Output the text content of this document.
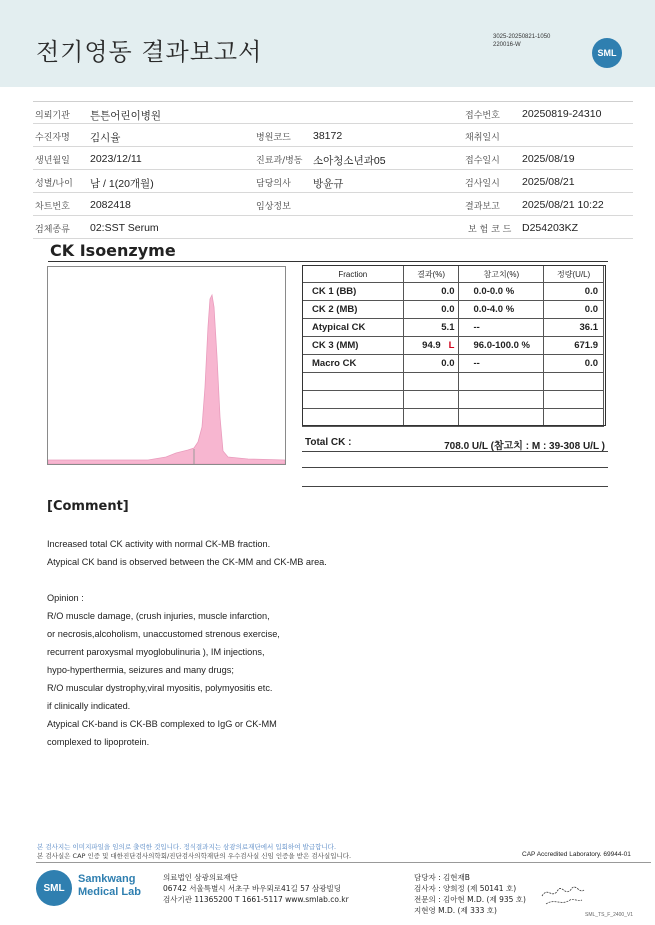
전기영동 결과보고서
3025-20250821-1050
220016-W
SML
의뢰기관 튼튼어린이병원	접수번호 20250819-24310
수진자명 김시율	병원코드 38172	채취일시
생년월일 2023/12/11	진료과/병동 소아청소년과05	접수일시 2025/08/19
성별/나이 남 / 1(20개월)	담당의사 방윤규	검사일시 2025/08/21
차트번호 2082418	임상정보	결과보고 2025/08/21 10:22
검체종류 02:SST Serum	보 험 코 드 D254203KZ
CK Isoenzyme
Fraction	결과(%)	참고치(%)	정량(U/L)
CK 1 (BB)	0.0	0.0-0.0 %	0.0
CK 2 (MB)	0.0	0.0-4.0 %	0.0
Atypical CK	5.1	--	36.1
CK 3 (MM)	94.9 L	96.0-100.0 %	671.9
Macro CK	0.0	--	0.0

Total CK :	708.0 U/L (참고치 : M : 39-308 U/L )
[Comment]
Increased total CK activity with normal CK-MB fraction.
Atypical CK band is observed between the CK-MM and CK-MB area.
Opinion :
R/O muscle damage, (crush injuries, muscle infarction,
or necrosis,alcoholism, unaccustomed strenous exercise,
recurrent paroxysmal myoglobulinuria ), IM injections,
hypo-hyperthermia, seizures and many drugs;
R/O muscular dystrophy,viral myositis, polymyositis etc.
if clinically indicated.
Atypical CK-band is CK-BB complexed to IgG or CK-MM
complexed to lipoprotein.
본 검사지는 이미지파일을 임의로 출력한 것입니다. 정식결과지는 삼광의료재단에서 입회하여 발급합니다.
본 검사실은 CAP 인증 및 대한진단검사의학회/진단검사의학재단의 우수검사실 신임 인증을 받은 검사실입니다.	CAP Accredited Laboratory. 69944-01
SML
Samkwang
Medical Lab
의료법인 삼광의료재단
06742 서울특별시 서초구 바우뫼로41길 57 삼광빌딩
검사기관 11365200 T 1661-5117 www.smlab.co.kr
담당자 : 김현재B
검사자 : 양희정 (제 50141 호)
전문의 : 김아현 M.D. (제 935 호)
지현영 M.D. (제 333 호)	SML_TS_F_2400_V1
